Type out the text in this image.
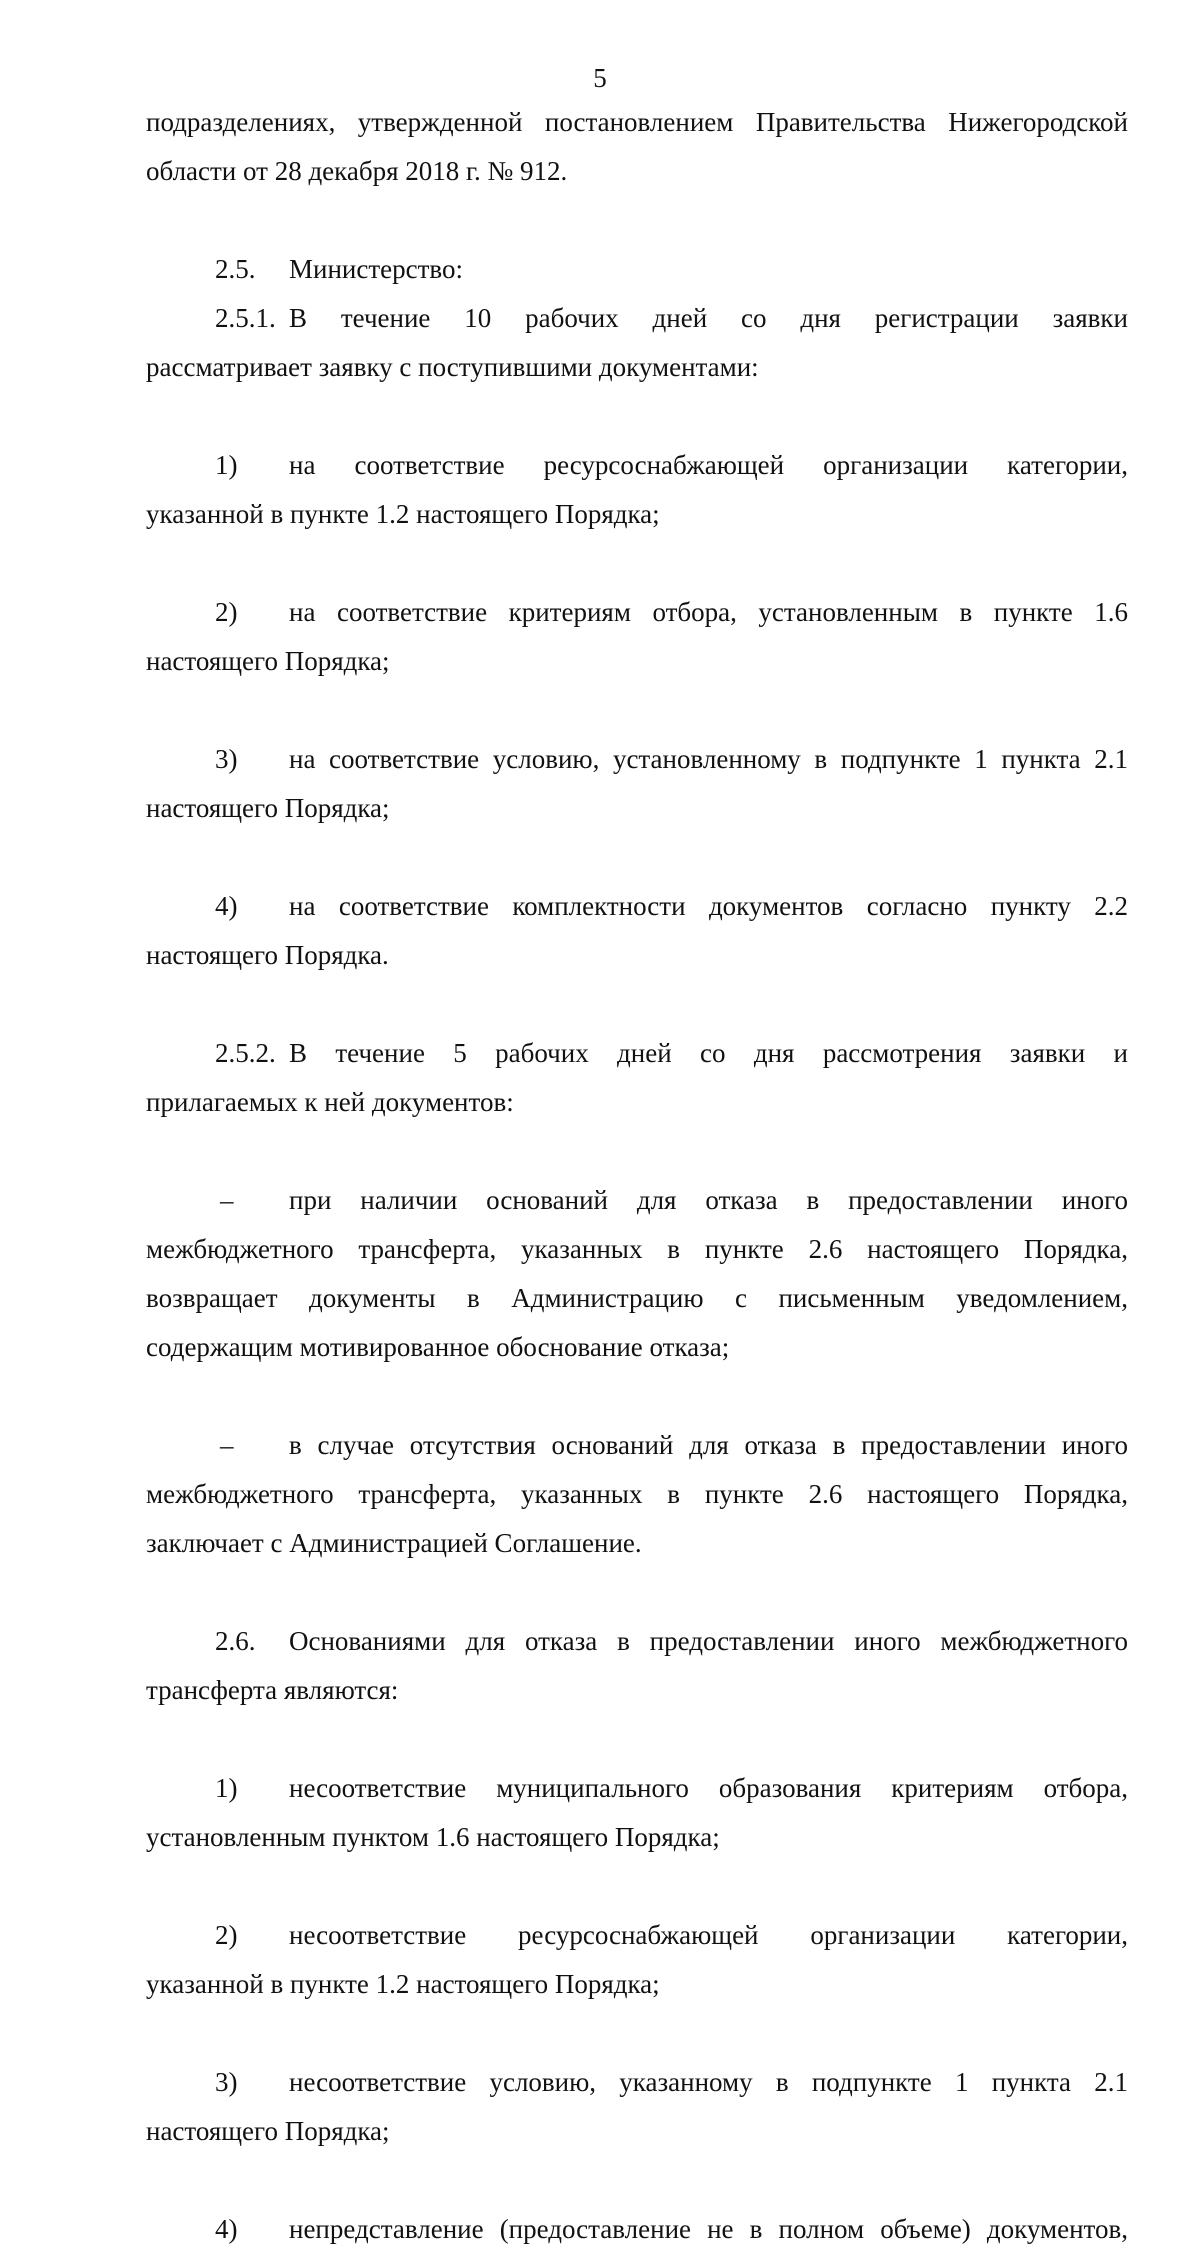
5
подразделениях, утвержденной постановлением Правительства Нижегородской
области от 28 декабря 2018 г. № 912.
2.5.	Министерство:
2.5.1. В течение 10 рабочих дней со дня регистрации заявки
рассматривает заявку с поступившими документами:
1)	на соответствие ресурсоснабжающей организации категории,
указанной в пункте 1.2 настоящего Порядка;
2)	на соответствие критериям отбора, установленным в пункте 1.6
настоящего Порядка;
3)	на соответствие условию, установленному в подпункте 1 пункта 2.1
настоящего Порядка;
4)	на соответствие комплектности документов согласно пункту 2.2
настоящего Порядка.
2.5.2. В течение 5 рабочих дней со дня рассмотрения заявки и
прилагаемых к ней документов:
–	при наличии оснований для отказа в предоставлении иного
межбюджетного трансферта, указанных в пункте 2.6 настоящего Порядка,
возвращает документы в Администрацию с письменным уведомлением,
содержащим мотивированное обоснование отказа;
–	в случае отсутствия оснований для отказа в предоставлении иного
межбюджетного трансферта, указанных в пункте 2.6 настоящего Порядка,
заключает с Администрацией Соглашение.
2.6.	Основаниями для отказа в предоставлении иного межбюджетного
трансферта являются:
1)	несоответствие муниципального образования критериям отбора,
установленным пунктом 1.6 настоящего Порядка;
2)	несоответствие ресурсоснабжающей организации категории,
указанной в пункте 1.2 настоящего Порядка;
3)	несоответствие условию, указанному в подпункте 1 пункта 2.1
настоящего Порядка;
4)	непредставление (предоставление не в полном объеме) документов,
